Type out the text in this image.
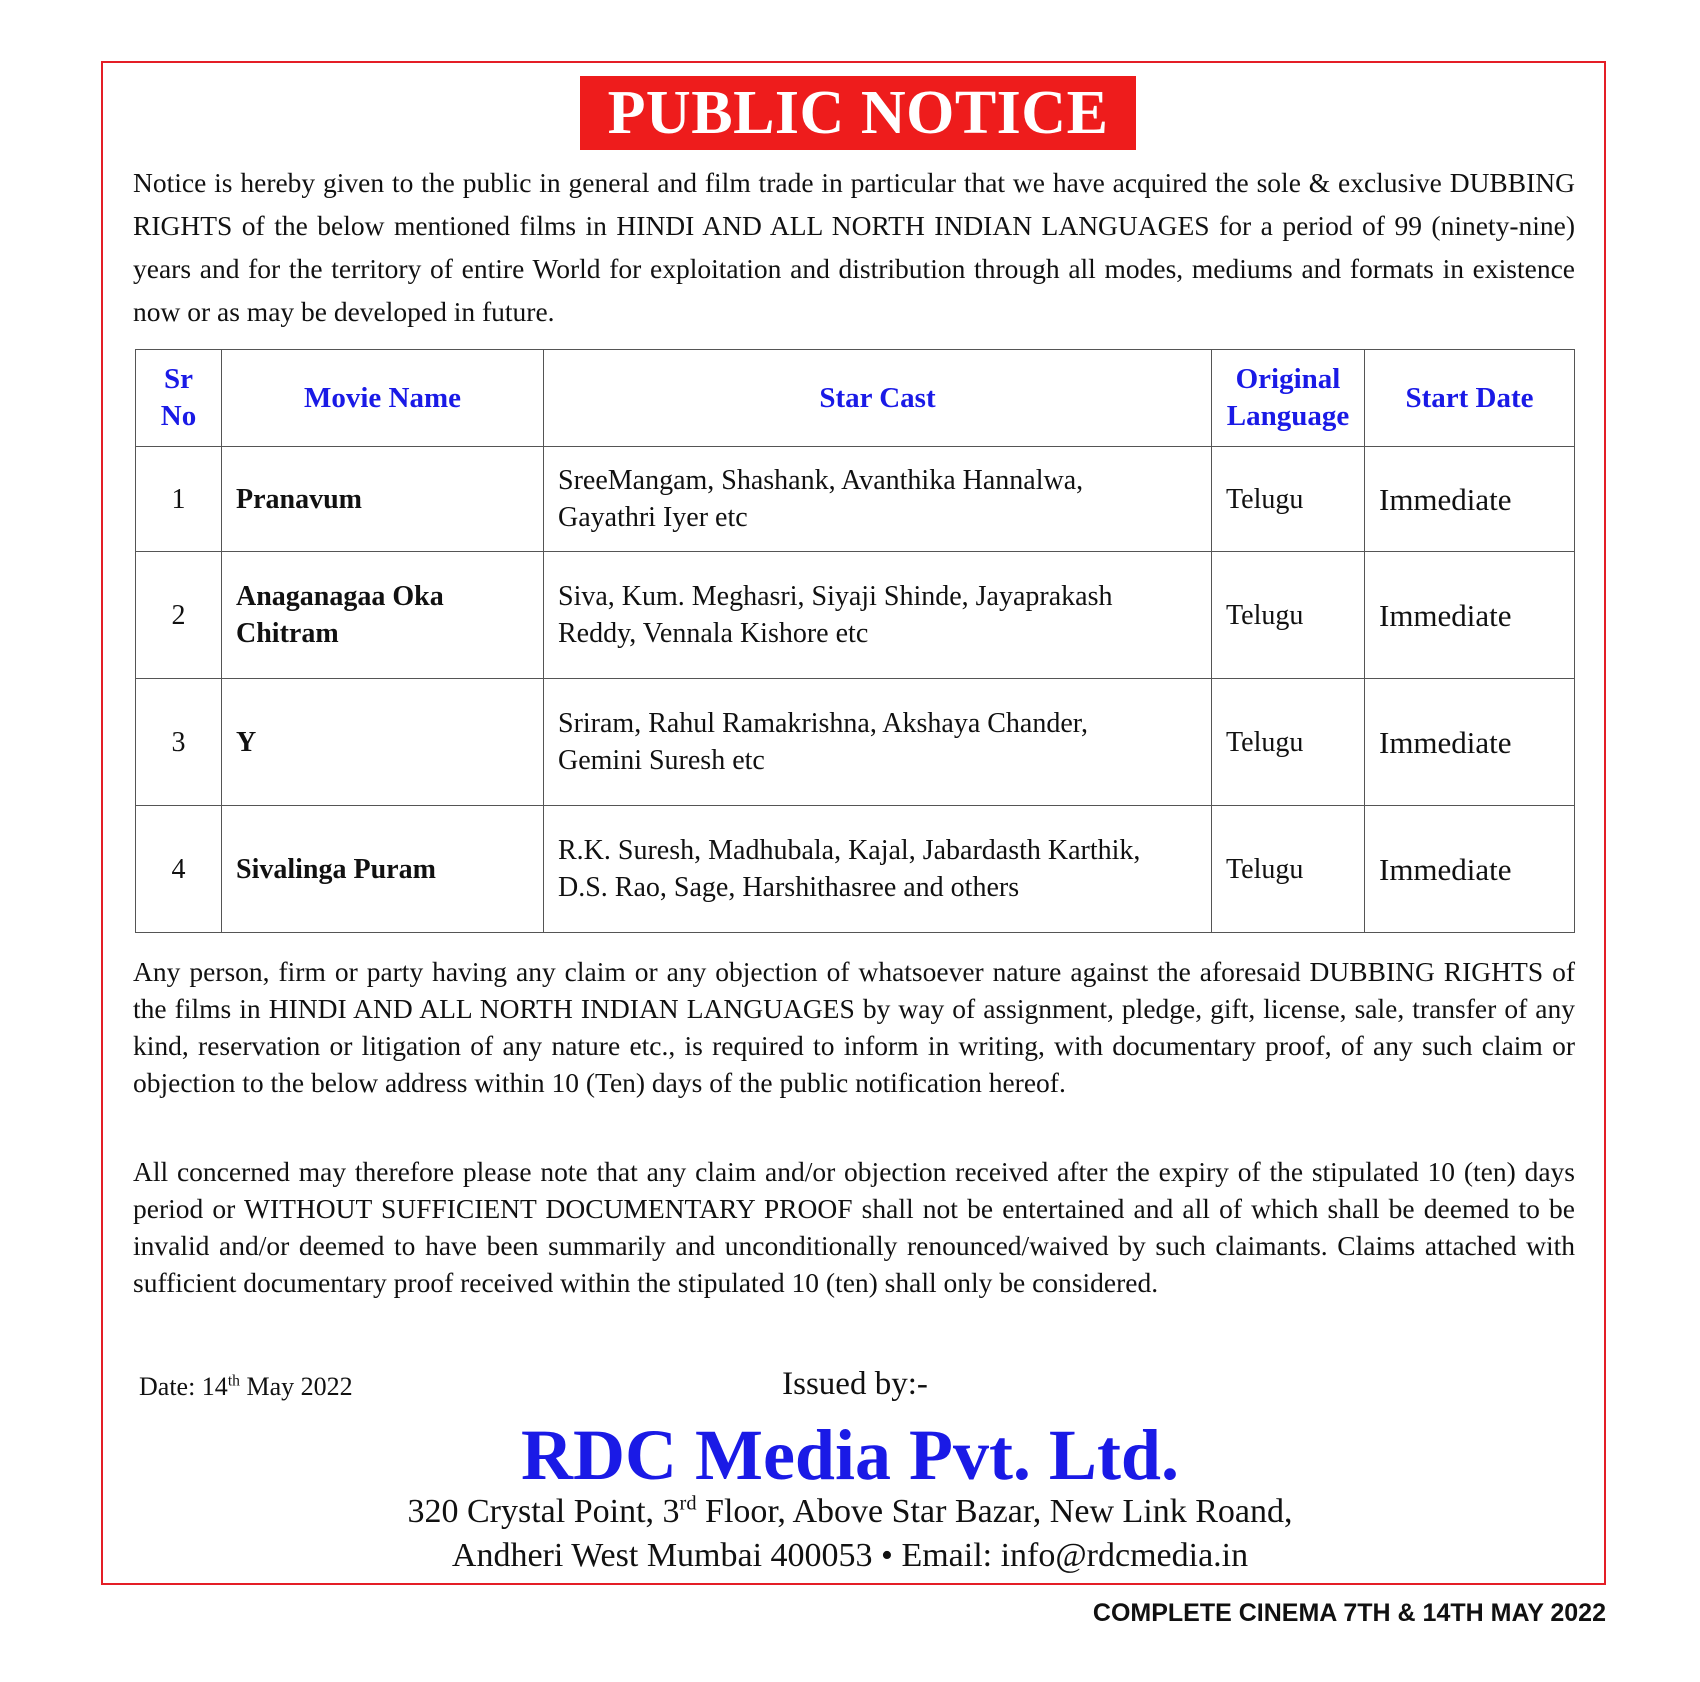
PUBLIC NOTICE

Notice is hereby given to the public in general and film trade in particular that we have acquired the sole & exclusive DUBBING RIGHTS of the below mentioned films in HINDI AND ALL NORTH INDIAN LANGUAGES for a period of 99 (ninety-nine) years and for the territory of entire World for exploitation and distribution through all modes, mediums and formats in existence now or as may be developed in future.

Sr
No	Movie Name	Star Cast	Original
Language	Start Date
1	Pranavum	SreeMangam, Shashank, Avanthika Hannalwa,
Gayathri Iyer etc	Telugu	Immediate
2	Anaganagaa Oka
Chitram	Siva, Kum. Meghasri, Siyaji Shinde, Jayaprakash
Reddy, Vennala Kishore etc	Telugu	Immediate
3	Y	Sriram, Rahul Ramakrishna, Akshaya Chander,
Gemini Suresh etc	Telugu	Immediate
4	Sivalinga Puram	R.K. Suresh, Madhubala, Kajal, Jabardasth Karthik,
D.S. Rao, Sage, Harshithasree and others	Telugu	Immediate

Any person, firm or party having any claim or any objection of whatsoever nature against the aforesaid DUBBING RIGHTS of the films in HINDI AND ALL NORTH INDIAN LANGUAGES by way of assignment, pledge, gift, license, sale, transfer of any kind, reservation or litigation of any nature etc., is required to inform in writing, with documentary proof, of any such claim or objection to the below address within 10 (Ten) days of the public notification hereof.

All concerned may therefore please note that any claim and/or objection received after the expiry of the stipulated 10 (ten) days period or WITHOUT SUFFICIENT DOCUMENTARY PROOF shall not be entertained and all of which shall be deemed to be invalid and/or deemed to have been summarily and unconditionally renounced/waived by such claimants. Claims attached with sufficient documentary proof received within the stipulated 10 (ten) shall only be considered.

Date: 14th May 2022	Issued by:-
RDC Media Pvt. Ltd.
320 Crystal Point, 3rd Floor, Above Star Bazar, New Link Roand,
Andheri West Mumbai 400053 • Email: info@rdcmedia.in
COMPLETE CINEMA 7TH & 14TH MAY 2022
